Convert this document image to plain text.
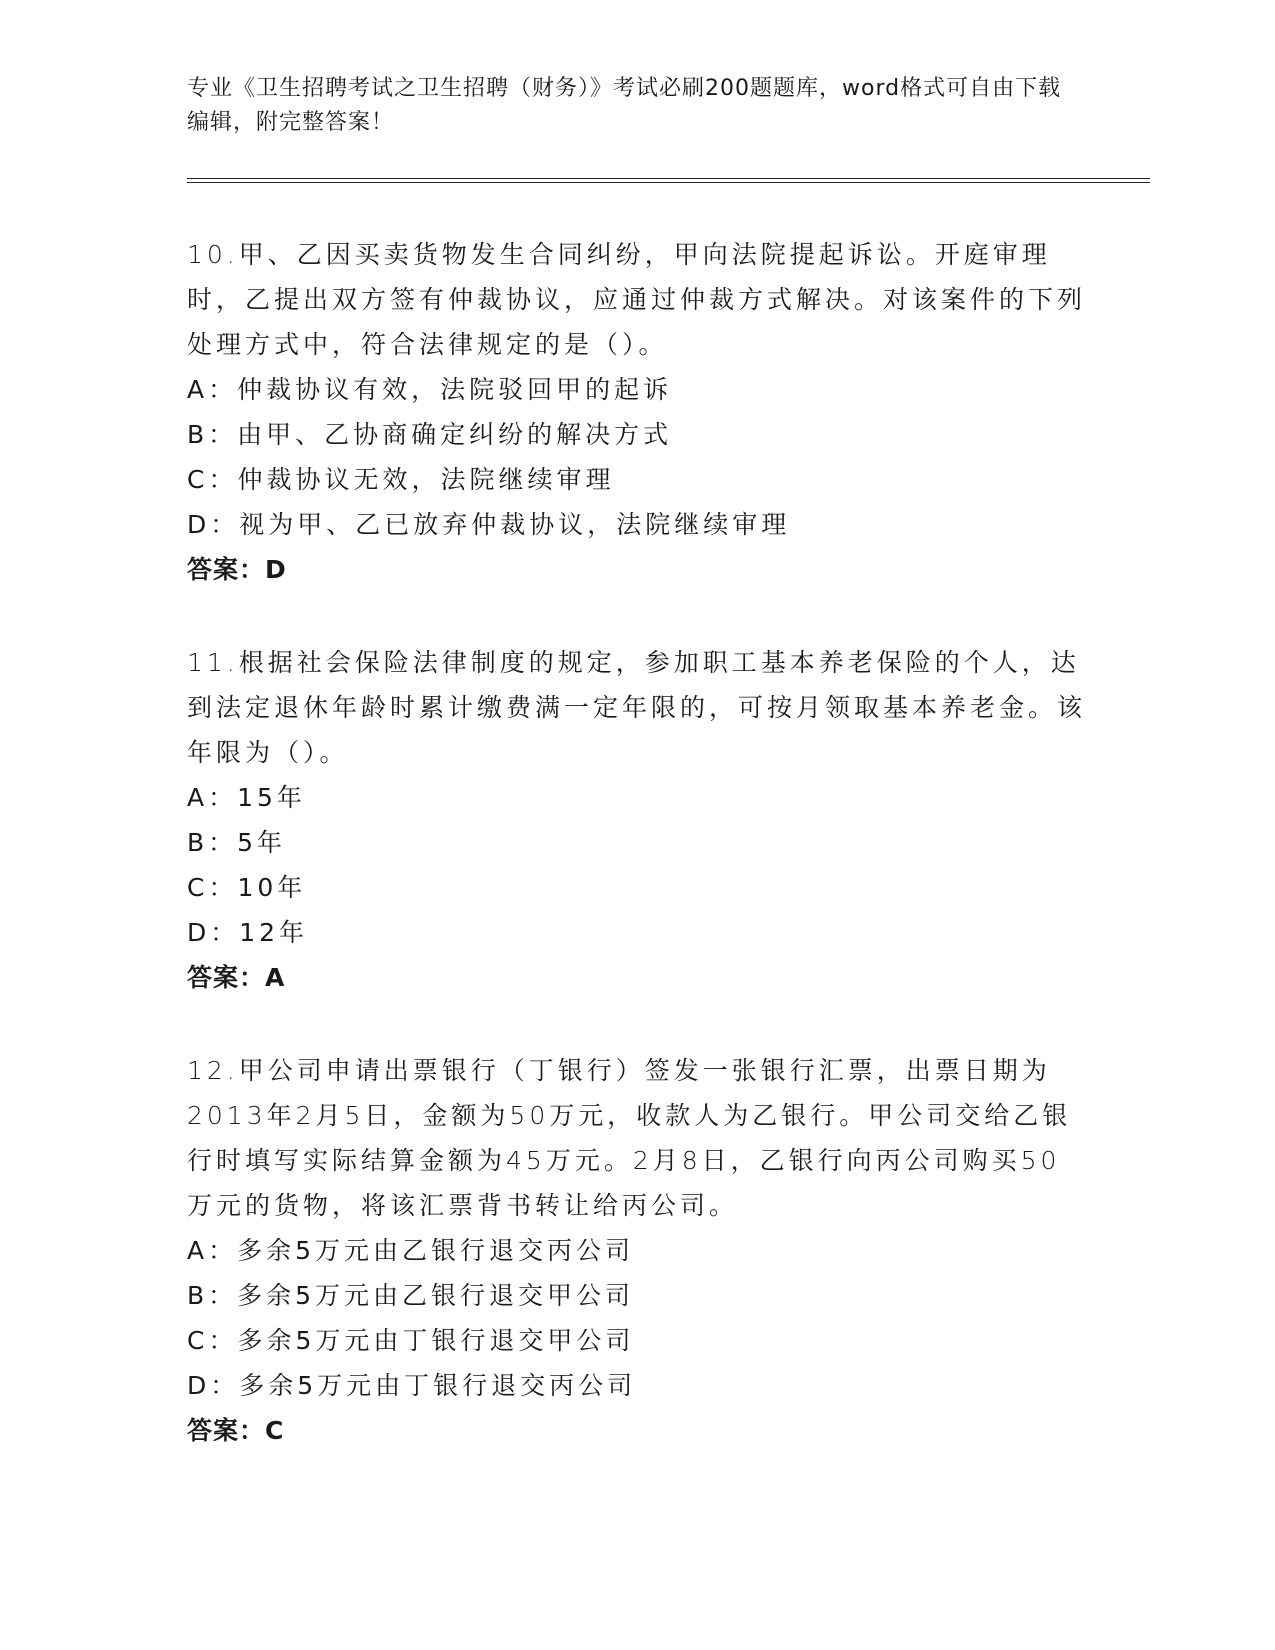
专业《卫生招聘考试之卫生招聘（财务）》考试必刷200题题库，word格式可自由下载编辑，附完整答案！

10.甲、乙因买卖货物发生合同纠纷，甲向法院提起诉讼。开庭审理时，乙提出双方签有仲裁协议，应通过仲裁方式解决。对该案件的下列处理方式中，符合法律规定的是（）。

A：仲裁协议有效，法院驳回甲的起诉

B：由甲、乙协商确定纠纷的解决方式

C：仲裁协议无效，法院继续审理

D：视为甲、乙已放弃仲裁协议，法院继续审理

答案：D

11.根据社会保险法律制度的规定，参加职工基本养老保险的个人，达到法定退休年龄时累计缴费满一定年限的，可按月领取基本养老金。该年限为（）。

A：15年

B：5年

C：10年

D：12年

答案：A

12.甲公司申请出票银行（丁银行）签发一张银行汇票，出票日期为2013年2月5日，金额为50万元，收款人为乙银行。甲公司交给乙银行时填写实际结算金额为45万元。2月8日，乙银行向丙公司购买50万元的货物，将该汇票背书转让给丙公司。

A：多余5万元由乙银行退交丙公司

B：多余5万元由乙银行退交甲公司

C：多余5万元由丁银行退交甲公司

D：多余5万元由丁银行退交丙公司

答案：C
